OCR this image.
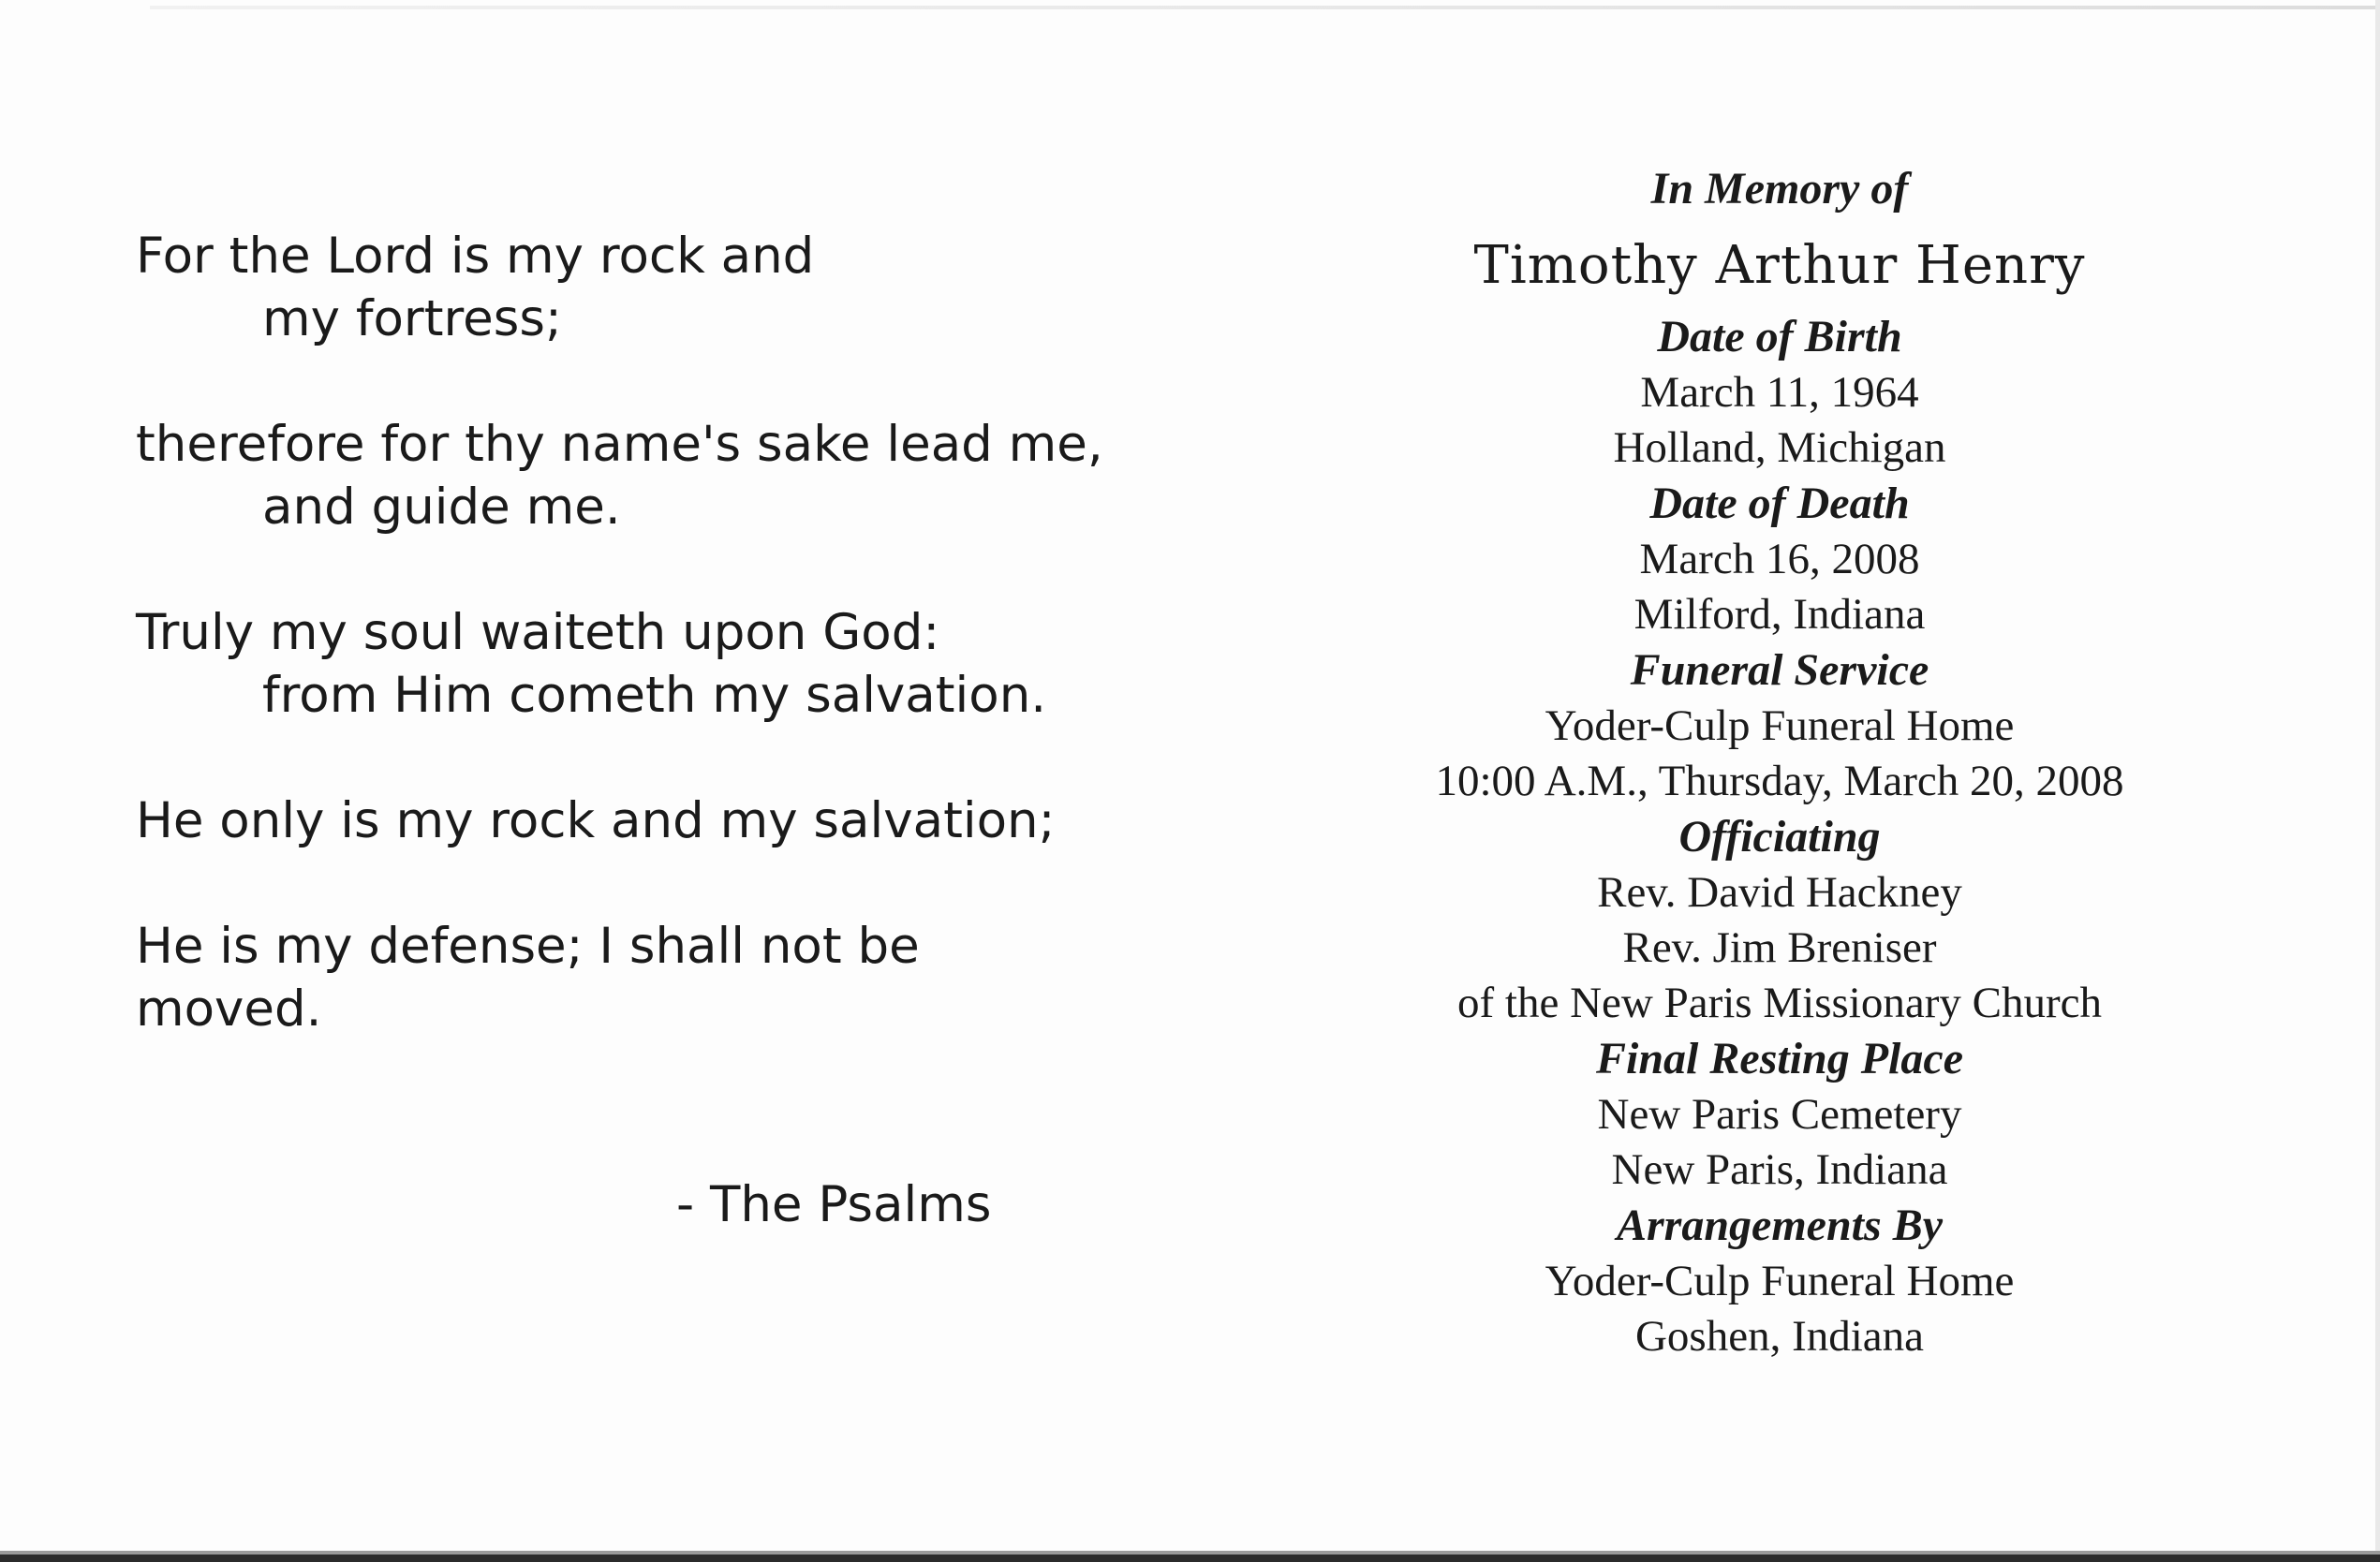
For the Lord is my rock and
my fortress;
therefore for thy name's sake lead me,
and guide me.
Truly my soul waiteth upon God:
from Him cometh my salvation.
He only is my rock and my salvation;
He is my defense; I shall not be
moved.
- The Psalms
In Memory of
Timothy Arthur Henry
Date of Birth
March 11, 1964
Holland, Michigan
Date of Death
March 16, 2008
Milford, Indiana
Funeral Service
Yoder-Culp Funeral Home
10:00 A.M., Thursday, March 20, 2008
Officiating
Rev. David Hackney
Rev. Jim Breniser
of the New Paris Missionary Church
Final Resting Place
New Paris Cemetery
New Paris, Indiana
Arrangements By
Yoder-Culp Funeral Home
Goshen, Indiana
